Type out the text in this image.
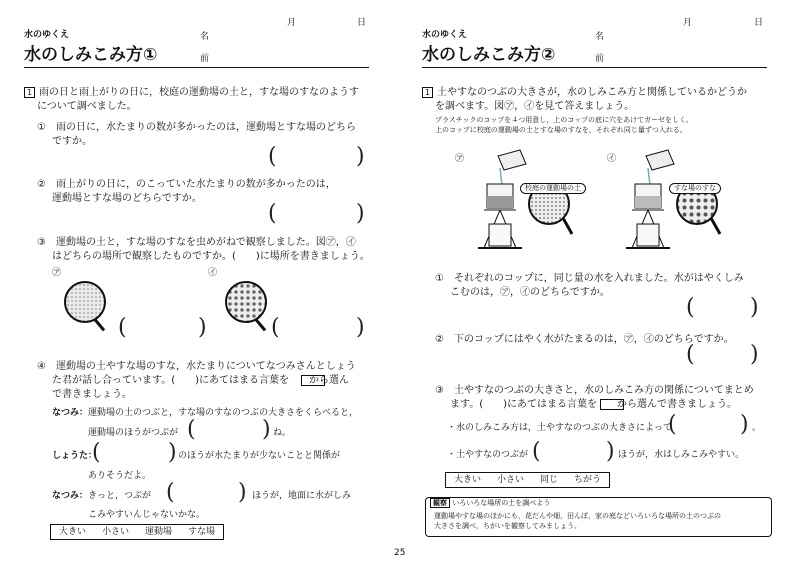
水のゆくえ
水のしみこみ方①
名
前
月	日
1 雨の日と雨上がりの日に，校庭の運動場の土と，すな場のすなのようす
について調べました。
①　雨の日に，水たまりの数が多かったのは，運動場とすな場のどちら
ですか。
(	)
②　雨上がりの日に，のこっていた水たまりの数が多かったのは，
運動場とすな場のどちらですか。
(	)
③　運動場の土と，すな場のすなを虫めがねで観察しました。図㋐，㋑
はどちらの場所で観察したものですか。(　　)に場所を書きましょう。
㋐
(	)
㋑
(	)
④　運動場の土やすな場のすな，水たまりについてなつみさんとしょう
た君が話し合っています。(　　)にあてはまる言葉を　　から選ん
で書きましょう。
なつみ： 運動場の土のつぶと，すな場のすなのつぶの大きさをくらべると，
運動場のほうがつぶが (	) ね。
しょうた：
(	) のほうが水たまりが少ないことと関係が
ありそうだよ。
なつみ： きっと，つぶが (	) ほうが，地面に水がしみ
こみやすいんじゃないかな。
大きい	小さい	運動場	すな場
水のゆくえ
水のしみこみ方②
名
前
月	日
1 土やすなのつぶの大きさが，水のしみこみ方と関係しているかどうか
を調べます。図㋐，㋑を見て答えましょう。
プラスチックのコップを４つ用意し，上のコップの底に穴をあけてガーゼをしく。
上のコップに校庭の運動場の土とすな場のすなを，それぞれ同じ量ずつ入れる。
㋐	㋑
校庭の運動場の土	すな場のすな
①　それぞれのコップに，同じ量の水を入れました。水がはやくしみ
こむのは，㋐，㋑のどちらですか。
(	)
②　下のコップにはやく水がたまるのは，㋐，㋑のどちらですか。
(	)
③　土やすなのつぶの大きさと，水のしみこみ方の関係についてまとめ
ます。(　　)にあてはまる言葉を　　から選んで書きましょう。
・水のしみこみ方は，土やすなのつぶの大きさによって
(	) 。
・土やすなのつぶが (	) ほうが，水はしみこみやすい。
大きい	小さい	同じ	ちがう
観察 いろいろな場所の土を調べよう
運動場やすな場のほかにも，花だんや畑，田んぼ，家の庭などいろいろな場所の土のつぶの
大きさを調べ，ちがいを観察してみましょう。
25
